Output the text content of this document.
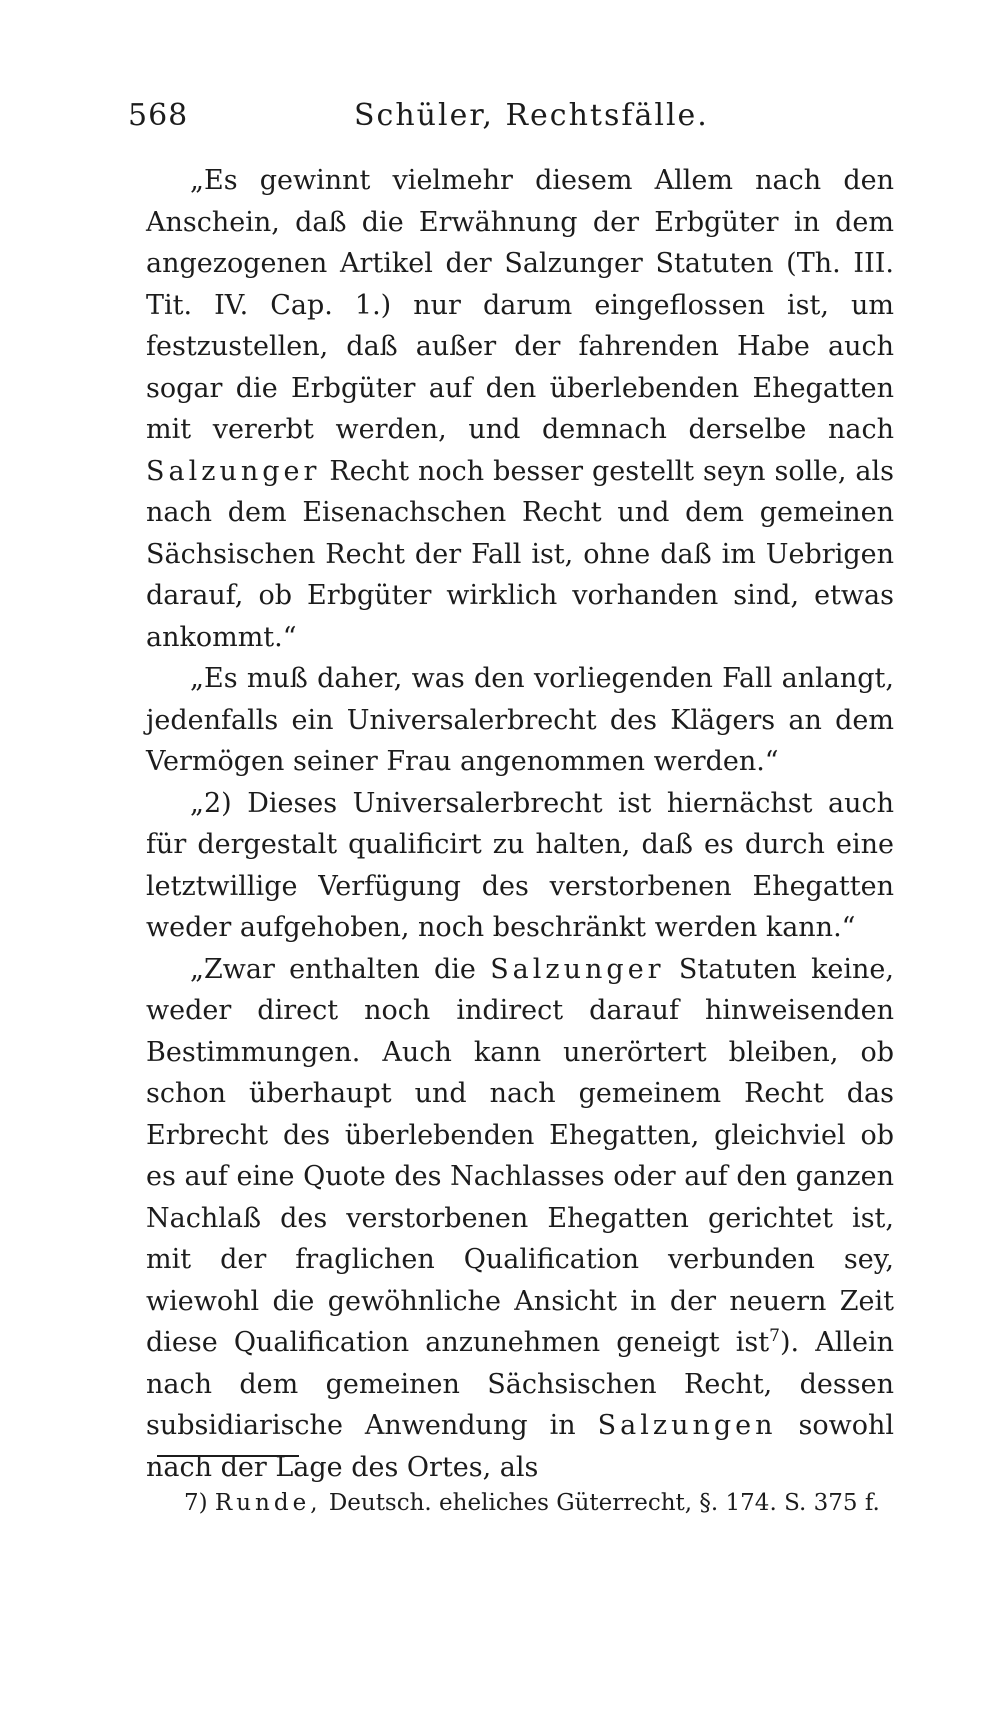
568	Schüler, Rechtsfälle.

„Es gewinnt vielmehr diesem Allem nach den Anschein, daß die Erwähnung der Erbgüter in dem angezogenen Artikel der Salzunger Statuten (Th. III. Tit. IV. Cap. 1.) nur darum eingeflossen ist, um festzustellen, daß außer der fahrenden Habe auch sogar die Erbgüter auf den überlebenden Ehegatten mit vererbt werden, und demnach derselbe nach Salzunger Recht noch besser gestellt seyn solle, als nach dem Eisenachschen Recht und dem gemeinen Sächsischen Recht der Fall ist, ohne daß im Uebrigen darauf, ob Erbgüter wirklich vorhanden sind, etwas ankommt.“

„Es muß daher, was den vorliegenden Fall anlangt, jedenfalls ein Universalerbrecht des Klägers an dem Vermögen seiner Frau angenommen werden.“

„2) Dieses Universalerbrecht ist hiernächst auch für dergestalt qualificirt zu halten, daß es durch eine letztwillige Verfügung des verstorbenen Ehegatten weder aufgehoben, noch beschränkt werden kann.“

„Zwar enthalten die Salzunger Statuten keine, weder direct noch indirect darauf hinweisenden Bestimmungen. Auch kann unerörtert bleiben, ob schon überhaupt und nach gemeinem Recht das Erbrecht des überlebenden Ehegatten, gleichviel ob es auf eine Quote des Nachlasses oder auf den ganzen Nachlaß des verstorbenen Ehegatten gerichtet ist, mit der fraglichen Qualification verbunden sey, wiewohl die gewöhnliche Ansicht in der neuern Zeit diese Qualification anzunehmen geneigt ist$^7$). Allein nach dem gemeinen Sächsischen Recht, dessen subsidiarische Anwendung in Salzungen sowohl nach der Lage des Ortes, als

7) Runde, Deutsch. eheliches Güterrecht, §. 174. S. 375 f.
